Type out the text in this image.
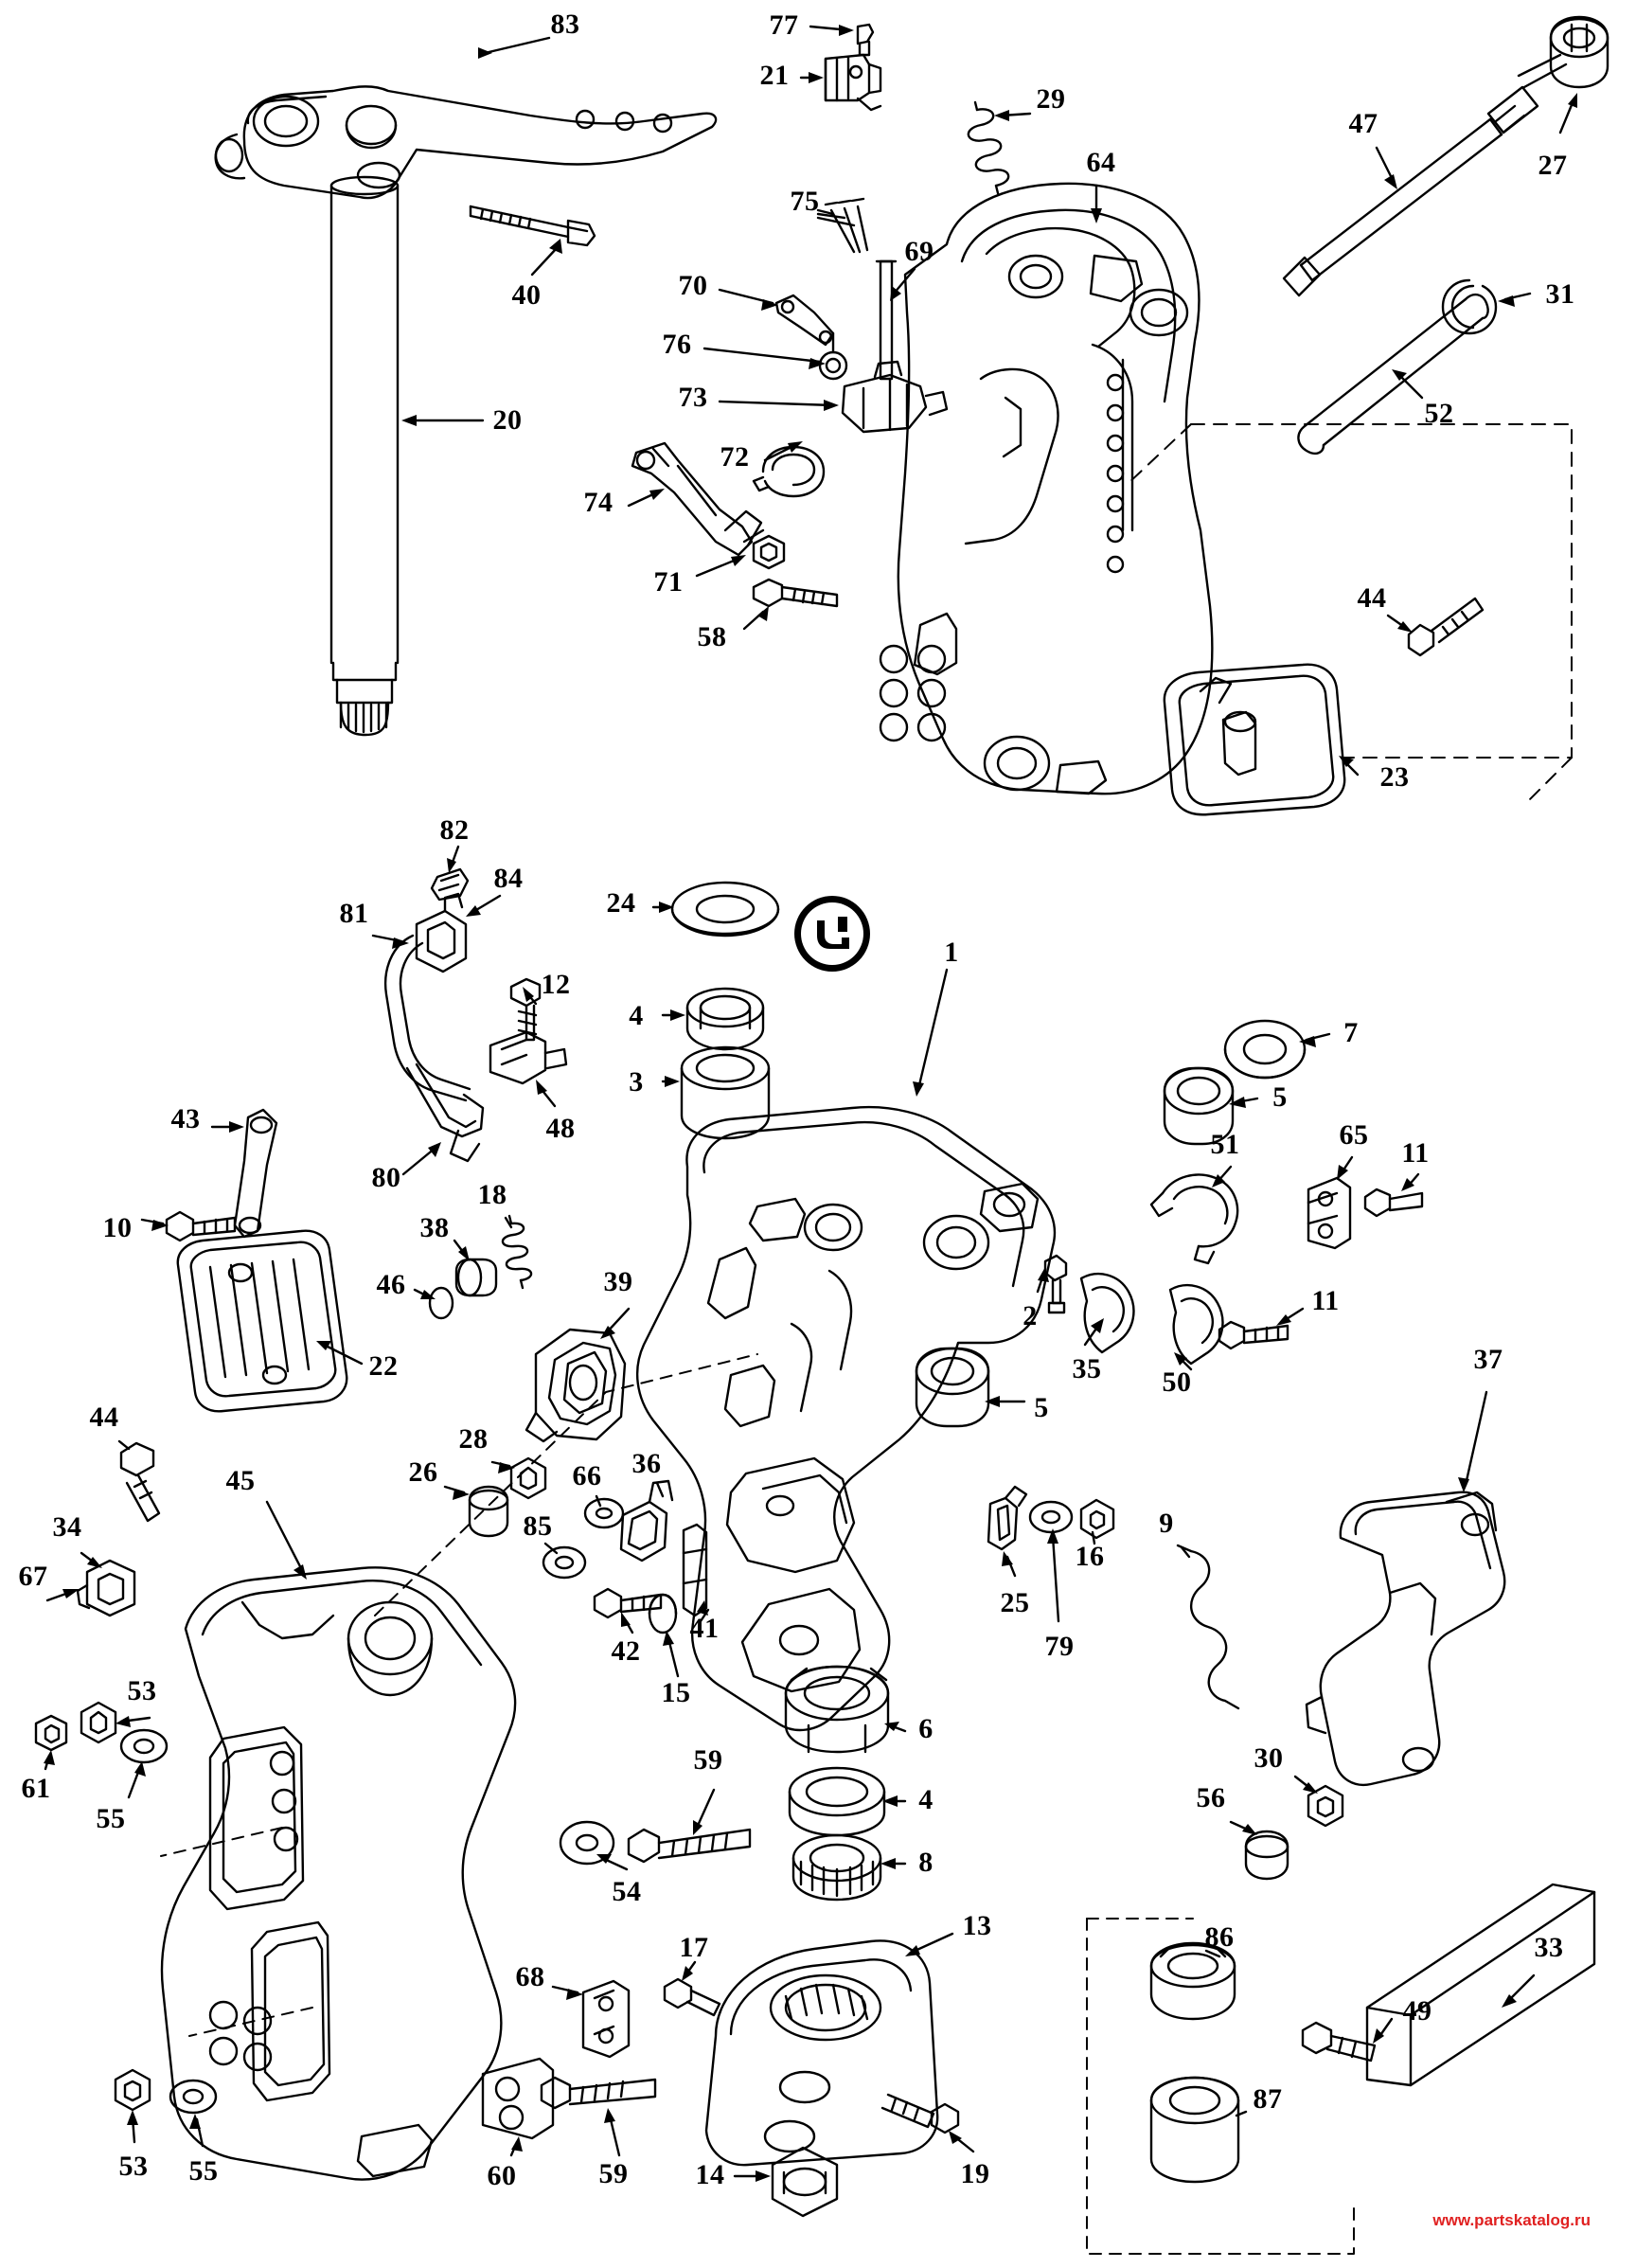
83	77
21
29
47
27
64
75
69
31
70
40
20
76
73
52
72
74
71
58
44
23
82
84
81	24
1
12
4
7
3	5
48
43
80
18
51	65
11
38
10
46	39
2	11
22	35 50
37
28
5
44
26	66 36
45
9
85
34
67
25
16
79
42
41
15
53
55
61
30
56
6
59
4
8
54
33
13	86
17
68
49
87
53 55	60	59 14	19
www.partskatalog.ru
